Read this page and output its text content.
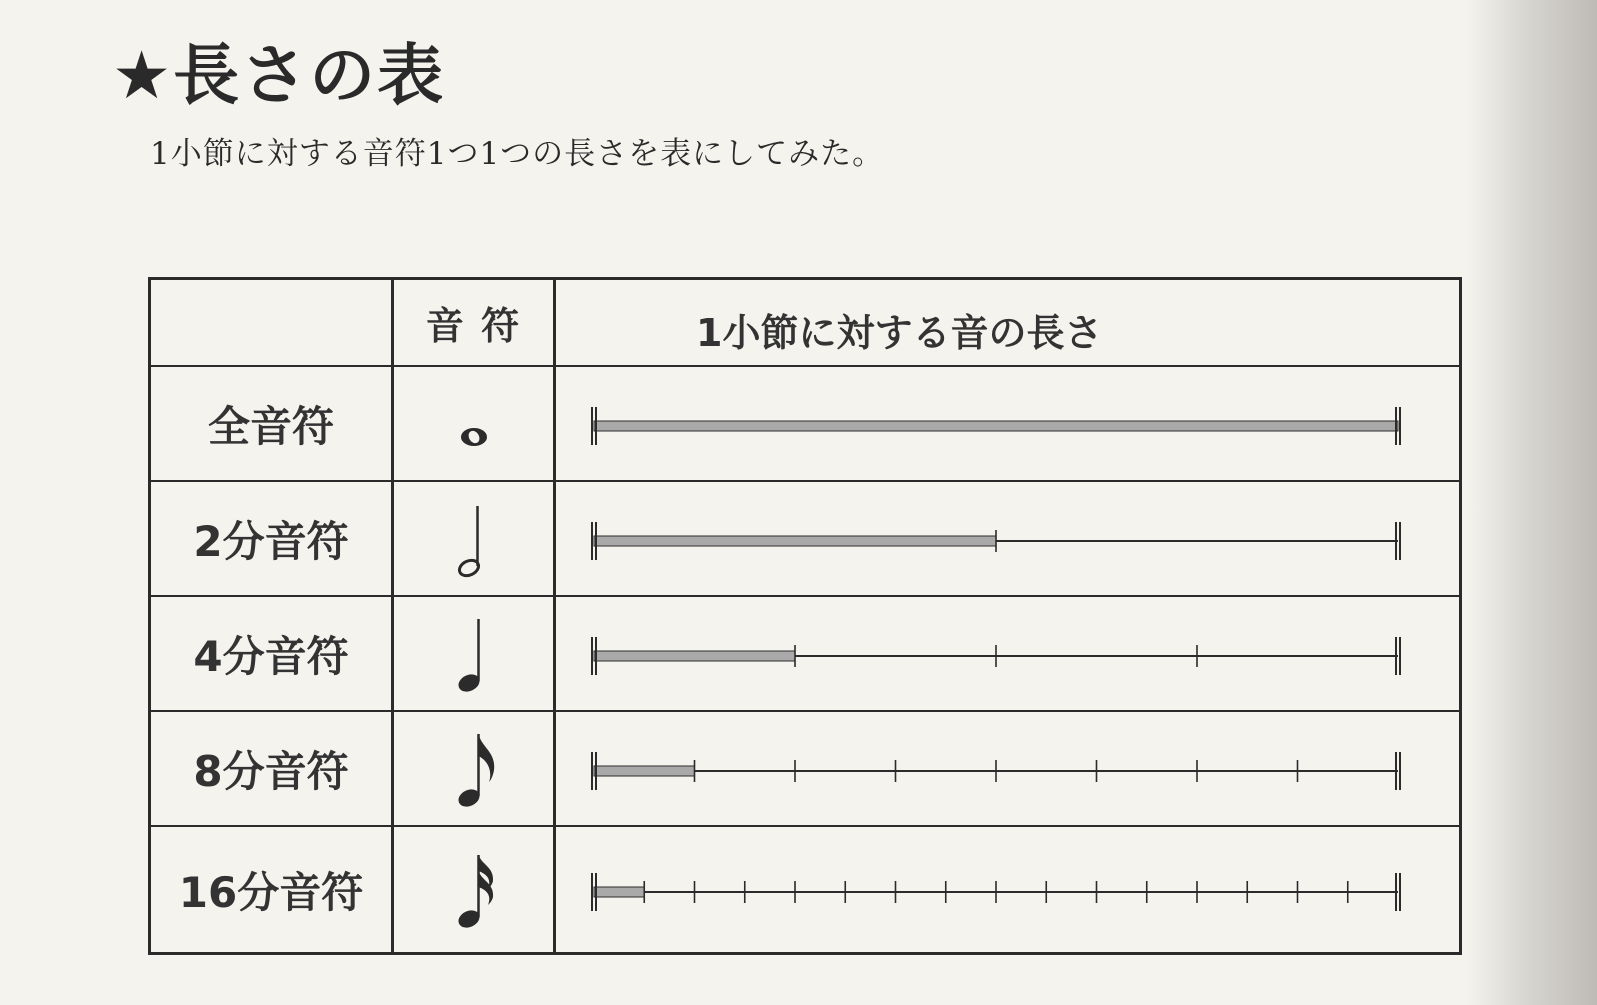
★長さの表
1小節に対する音符1つ1つの長さを表にしてみた。
音 符	1小節に対する音の長さ
全音符
2分音符
4分音符
8分音符
16分音符
